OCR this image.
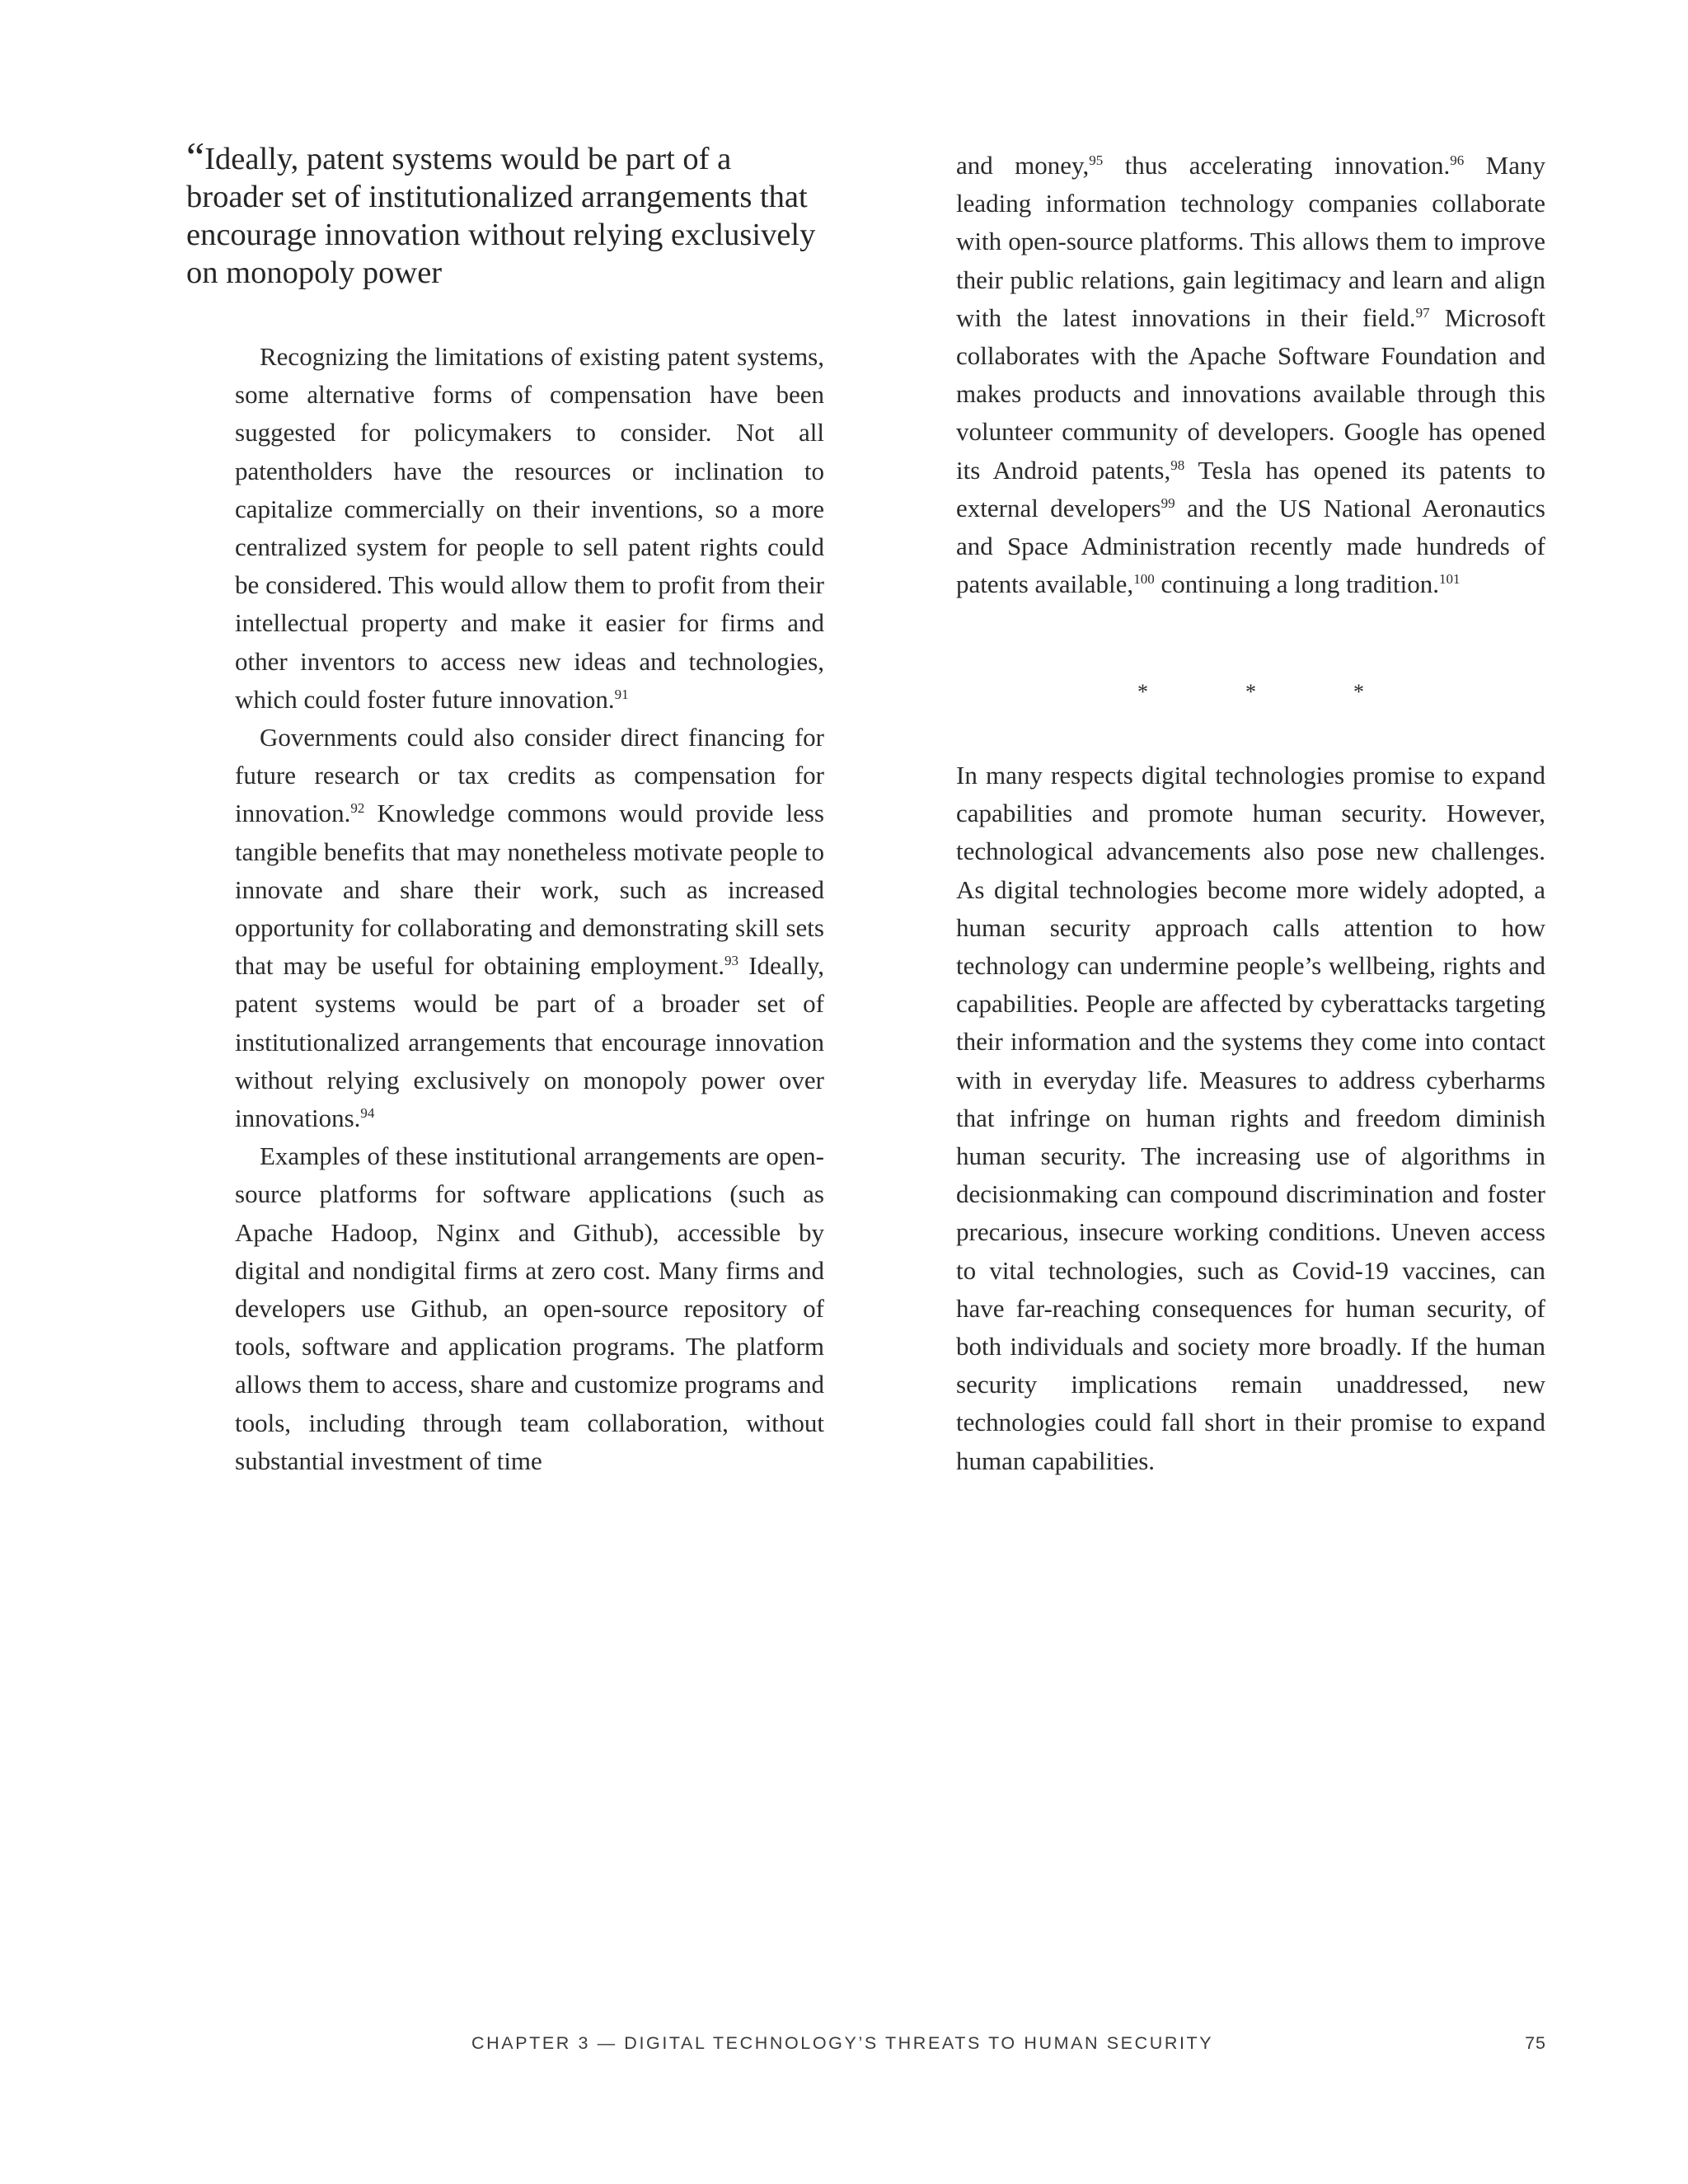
“Ideally, patent systems would be part of a broader set of institutionalized arrangements that encourage innovation without relying exclusively on monopoly power

Recognizing the limitations of existing patent systems, some alternative forms of compensation have been suggested for policymakers to consider. Not all patentholders have the resources or inclination to capitalize commercially on their inventions, so a more centralized system for people to sell patent rights could be considered. This would allow them to profit from their intellectual property and make it easier for firms and other inventors to access new ideas and technologies, which could foster future innovation.$^{91}$

Governments could also consider direct financing for future research or tax credits as compensation for innovation.$^{92}$ Knowledge commons would provide less tangible benefits that may nonetheless motivate people to innovate and share their work, such as increased opportunity for collaborating and demonstrating skill sets that may be useful for obtaining employment.$^{93}$ Ideally, patent systems would be part of a broader set of institutionalized arrangements that encourage innovation without relying exclusively on monopoly power over innovations.$^{94}$

Examples of these institutional arrangements are open-source platforms for software applications (such as Apache Hadoop, Nginx and Github), accessible by digital and nondigital firms at zero cost. Many firms and developers use Github, an open-source repository of tools, software and application programs. The platform allows them to access, share and customize programs and tools, including through team collaboration, without substantial investment of time

and money,$^{95}$ thus accelerating innovation.$^{96}$ Many leading information technology companies collaborate with open-source platforms. This allows them to improve their public relations, gain legitimacy and learn and align with the latest innovations in their field.$^{97}$ Microsoft collaborates with the Apache Software Foundation and makes products and innovations available through this volunteer community of developers. Google has opened its Android patents,$^{98}$ Tesla has opened its patents to external developers$^{99}$ and the US National Aeronautics and Space Administration recently made hundreds of patents available,$^{100}$ continuing a long tradition.$^{101}$

*	*	*

In many respects digital technologies promise to expand capabilities and promote human security. However, technological advancements also pose new challenges. As digital technologies become more widely adopted, a human security approach calls attention to how technology can undermine people’s wellbeing, rights and capabilities. People are affected by cyberattacks targeting their information and the systems they come into contact with in everyday life. Measures to address cyberharms that infringe on human rights and freedom diminish human security. The increasing use of algorithms in decisionmaking can compound discrimination and foster precarious, insecure working conditions. Uneven access to vital technologies, such as Covid-19 vaccines, can have far-reaching consequences for human security, of both individuals and society more broadly. If the human security implications remain unaddressed, new technologies could fall short in their promise to expand human capabilities.

CHAPTER 3 — DIGITAL TECHNOLOGY’S THREATS TO HUMAN SECURITY	75
